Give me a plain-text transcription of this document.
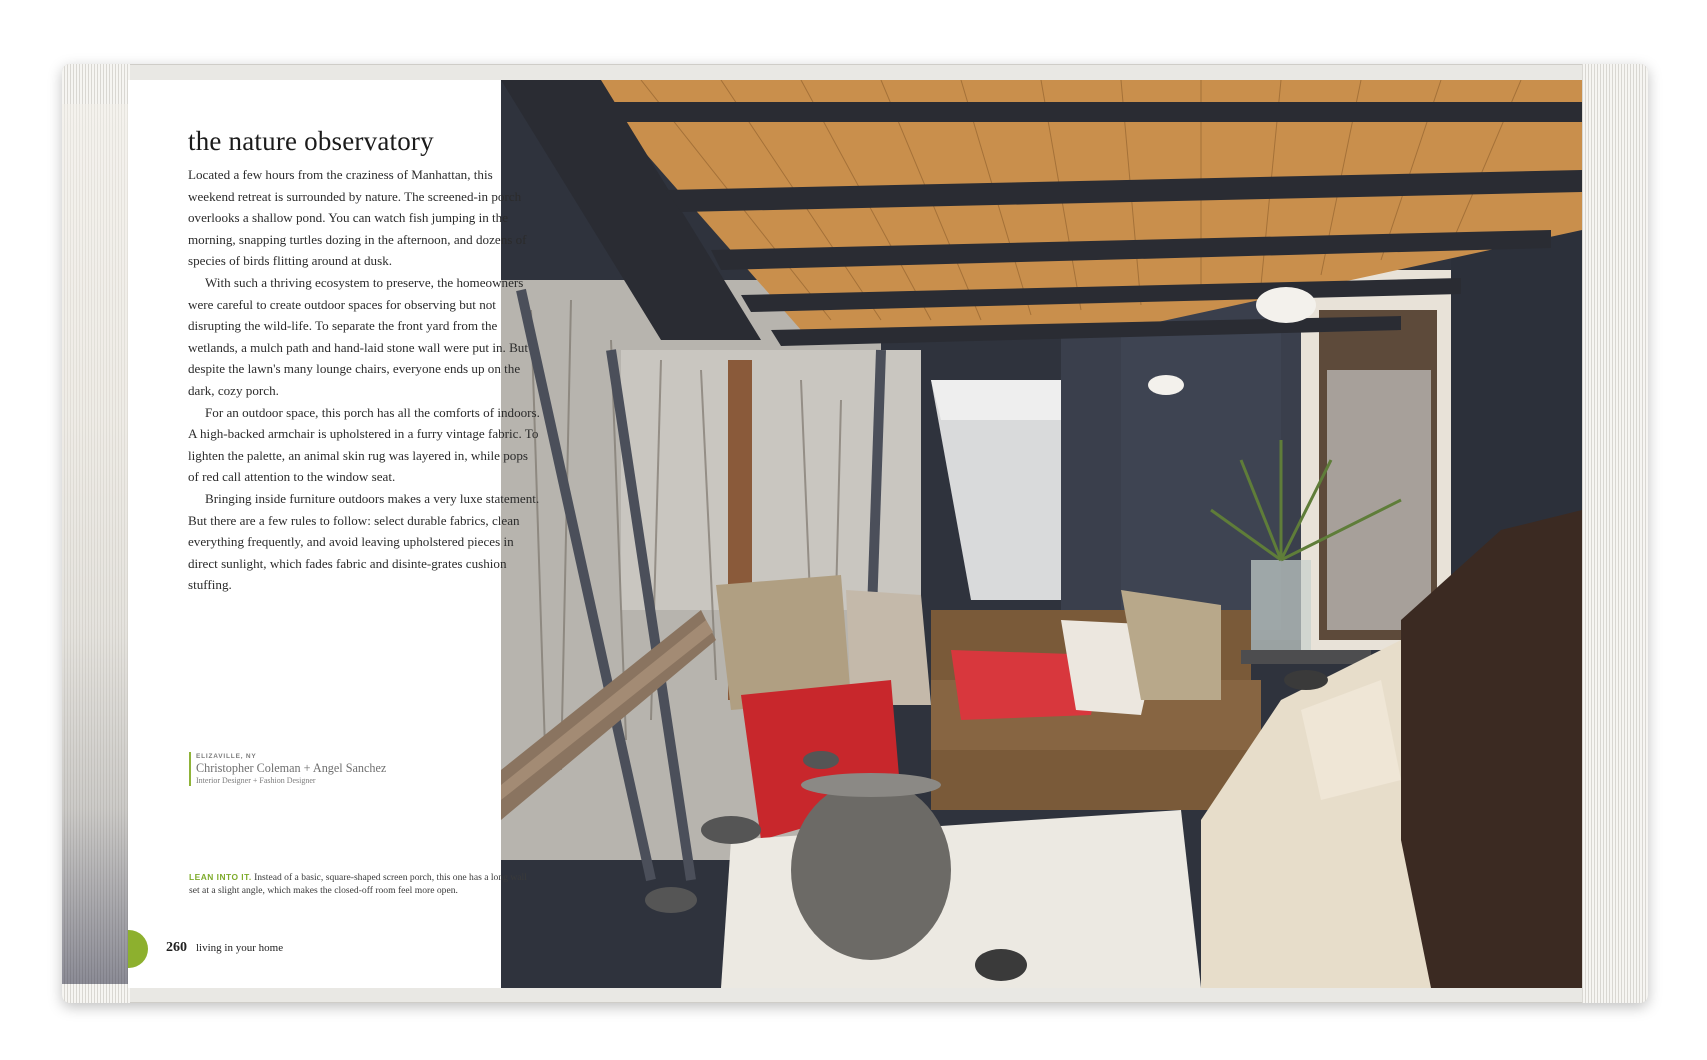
the nature observatory

Located a few hours from the craziness of Manhattan, this weekend retreat is surrounded by nature. The screened-in porch overlooks a shallow pond. You can watch fish jumping in the morning, snapping turtles dozing in the afternoon, and dozens of species of birds flitting around at dusk.

With such a thriving ecosystem to preserve, the homeowners were careful to create outdoor spaces for observing but not disrupting the wild-life. To separate the front yard from the wetlands, a mulch path and hand-laid stone wall were put in. But despite the lawn's many lounge chairs, everyone ends up on the dark, cozy porch.

For an outdoor space, this porch has all the comforts of indoors. A high-backed armchair is upholstered in a furry vintage fabric. To lighten the palette, an animal skin rug was layered in, while pops of red call attention to the window seat.

Bringing inside furniture outdoors makes a very luxe statement. But there are a few rules to follow: select durable fabrics, clean everything frequently, and avoid leaving upholstered pieces in direct sunlight, which fades fabric and disinte-grates cushion stuffing.

ELIZAVILLE, NY
Christopher Coleman + Angel Sanchez
Interior Designer + Fashion Designer
LEAN INTO IT. Instead of a basic, square-shaped screen porch, this one has a long wall set at a slight angle, which makes the closed-off room feel more open.
260 living in your home
